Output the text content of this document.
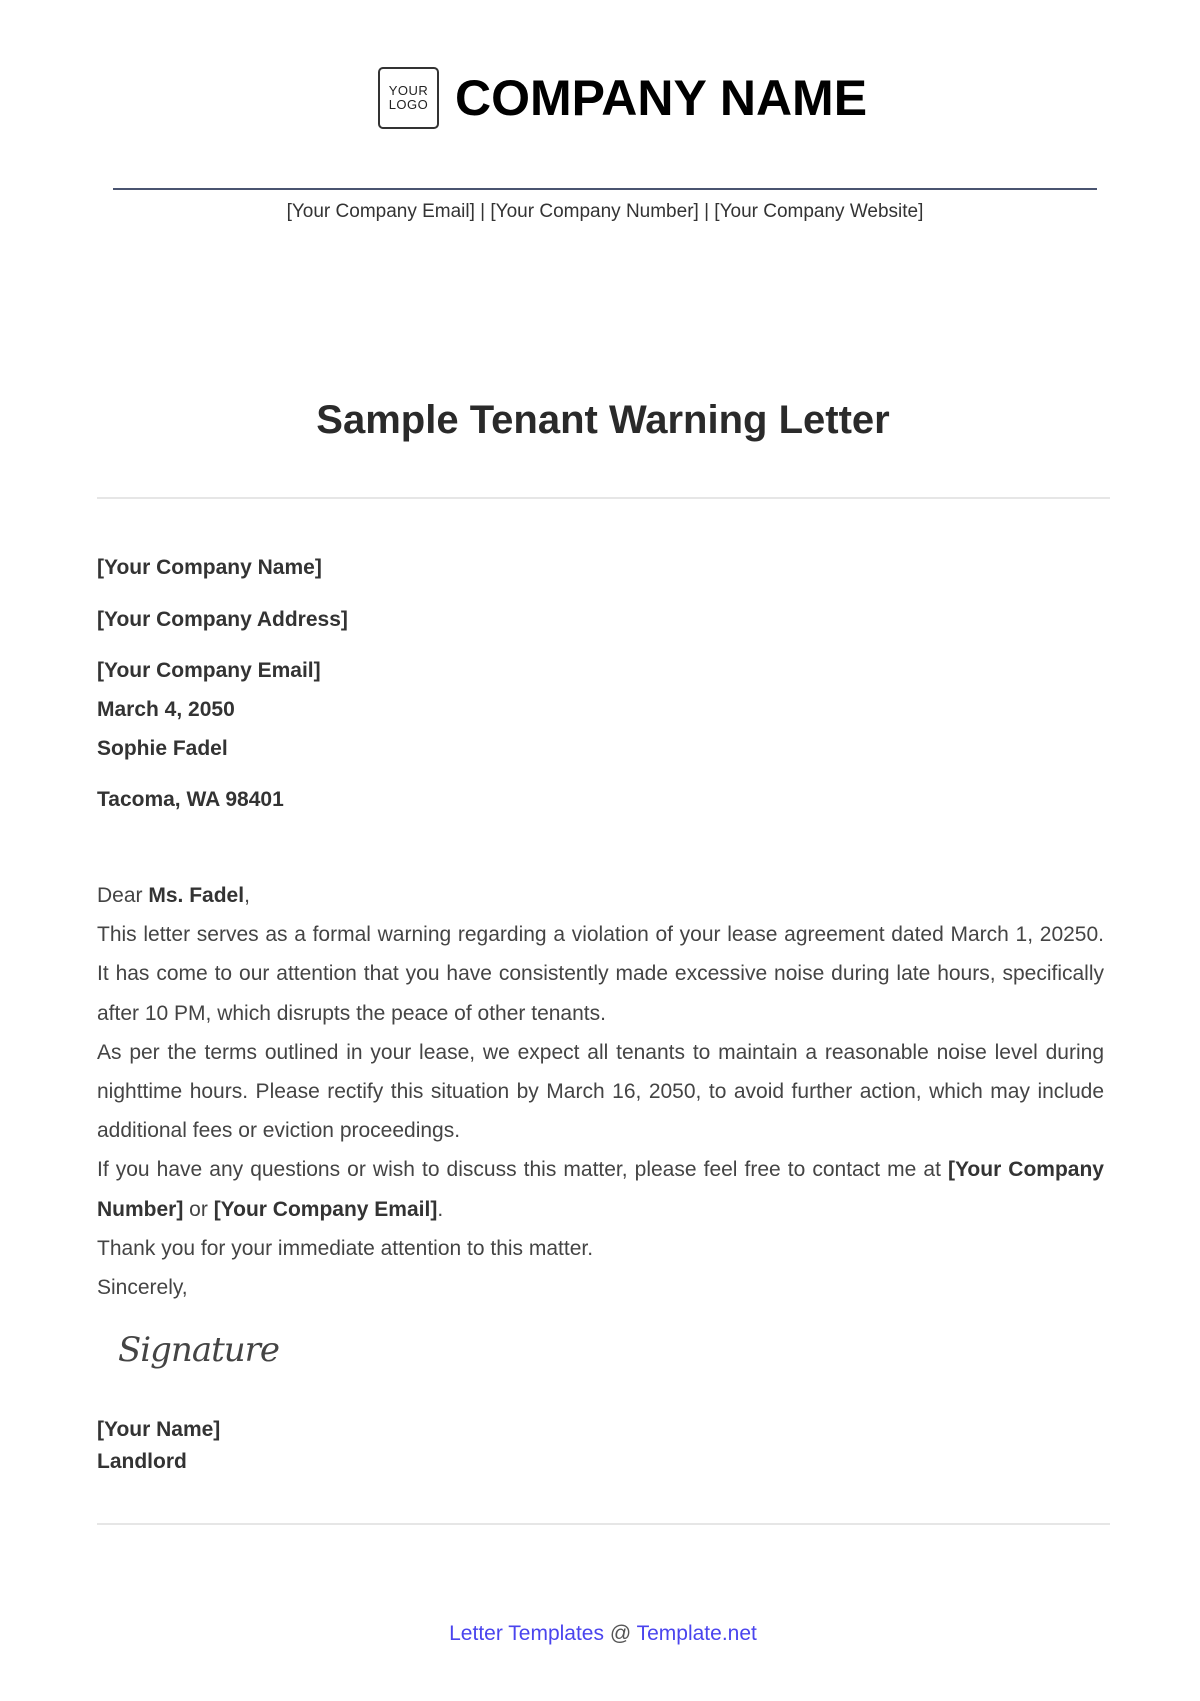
YOUR
LOGO COMPANY NAME
[Your Company Email] | [Your Company Number] | [Your Company Website]
Sample Tenant Warning Letter
[Your Company Name]
[Your Company Address]
[Your Company Email]
March 4, 2050
Sophie Fadel
Tacoma, WA 98401

Dear Ms. Fadel,

This letter serves as a formal warning regarding a violation of your lease agreement dated March 1, 20250. It has come to our attention that you have consistently made excessive noise during late hours, specifically after 10 PM, which disrupts the peace of other tenants.

As per the terms outlined in your lease, we expect all tenants to maintain a reasonable noise level during nighttime hours. Please rectify this situation by March 16, 2050, to avoid further action, which may include additional fees or eviction proceedings.

If you have any questions or wish to discuss this matter, please feel free to contact me at [Your Company Number] or [Your Company Email].

Thank you for your immediate attention to this matter.

Sincerely,

Signature
[Your Name]
Landlord
Letter Templates @ Template.net
